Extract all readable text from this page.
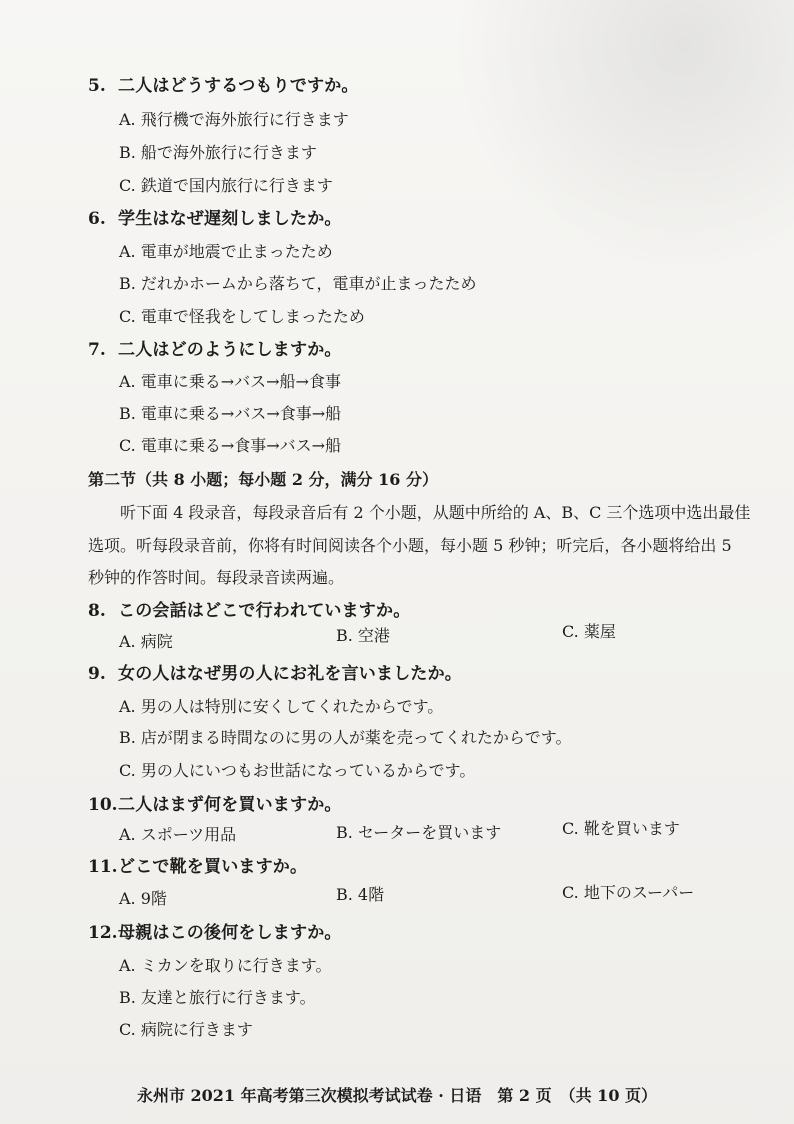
5. 二人はどうするつもりですか。
A. 飛行機で海外旅行に行きます
B. 船で海外旅行に行きます
C. 鉄道で国内旅行に行きます
6. 学生はなぜ遅刻しましたか。
A. 電車が地震で止まったため
B. だれかホームから落ちて，電車が止まったため
C. 電車で怪我をしてしまったため
7. 二人はどのようにしますか。
A. 電車に乗る→バス→船→食事
B. 電車に乗る→バス→食事→船
C. 電車に乗る→食事→バス→船
第二节（共 8 小题；每小题 2 分，满分 16 分）
听下面 4 段录音，每段录音后有 2 个小题，从题中所给的 A、B、C 三个选项中选出最佳
选项。听每段录音前，你将有时间阅读各个小题，每小题 5 秒钟；听完后，各小题将给出 5
秒钟的作答时间。每段录音读两遍。
8. この会話はどこで行われていますか。
A. 病院	B. 空港	C. 薬屋
9. 女の人はなぜ男の人にお礼を言いましたか。
A. 男の人は特別に安くしてくれたからです。
B. 店が閉まる時間なのに男の人が薬を売ってくれたからです。
C. 男の人にいつもお世話になっているからです。
10. 二人はまず何を買いますか。
A. スポーツ用品	B. セーターを買います	C. 靴を買います
11. どこで靴を買いますか。
A. 9階	B. 4階	C. 地下のスーパー
12. 母親はこの後何をしますか。
A. ミカンを取りに行きます。
B. 友達と旅行に行きます。
C. 病院に行きます
永州市 2021 年高考第三次模拟考试试卷 · 日语　第 2 页　（共 10 页）
